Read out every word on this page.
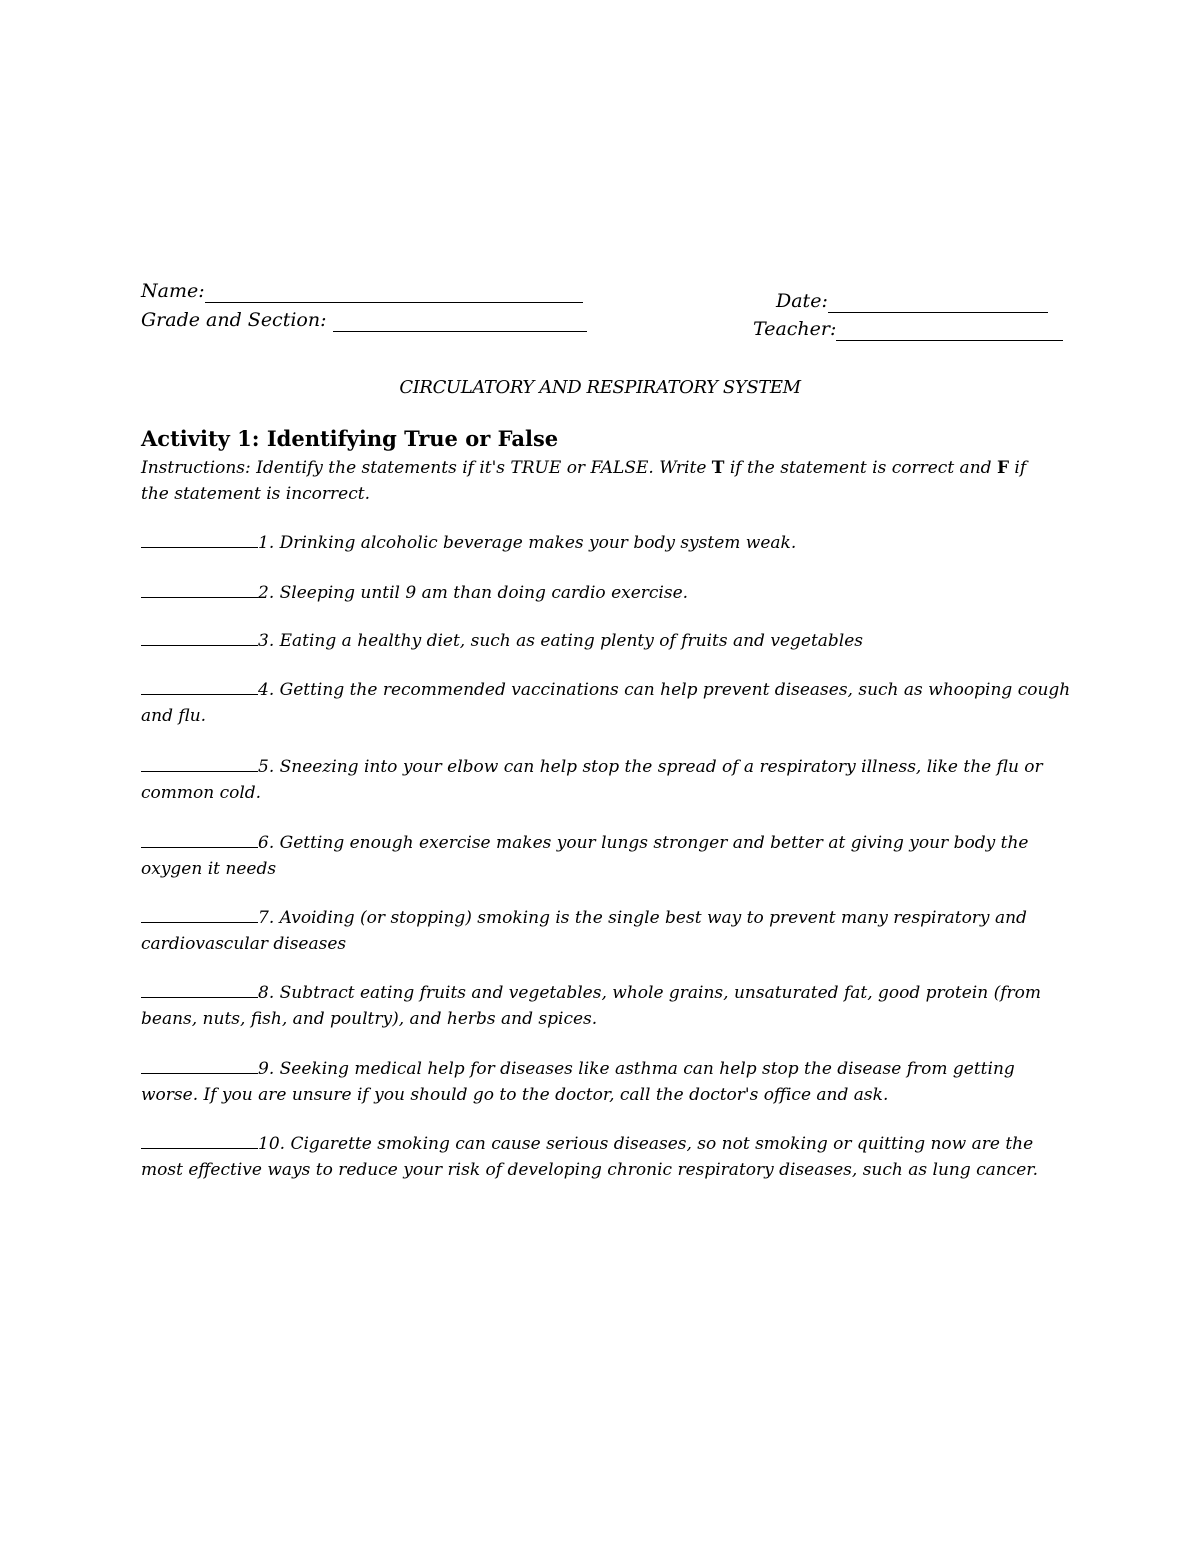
Name:
Grade and Section:
Date:
Teacher:
CIRCULATORY AND RESPIRATORY SYSTEM
Activity 1: Identifying True or False
Instructions: Identify the statements if it's TRUE or FALSE. Write T if the statement is correct and F if the statement is incorrect.
1. Drinking alcoholic beverage makes your body system weak.
2. Sleeping until 9 am than doing cardio exercise.
3. Eating a healthy diet, such as eating plenty of fruits and vegetables
4. Getting the recommended vaccinations can help prevent diseases, such as whooping cough and flu.
5. Sneezing into your elbow can help stop the spread of a respiratory illness, like the flu or common cold.
6. Getting enough exercise makes your lungs stronger and better at giving your body the oxygen it needs
7. Avoiding (or stopping) smoking is the single best way to prevent many respiratory and cardiovascular diseases
8. Subtract eating fruits and vegetables, whole grains, unsaturated fat, good protein (from beans, nuts, fish, and poultry), and herbs and spices.
9. Seeking medical help for diseases like asthma can help stop the disease from getting worse. If you are unsure if you should go to the doctor, call the doctor's office and ask.
10. Cigarette smoking can cause serious diseases, so not smoking or quitting now are the most effective ways to reduce your risk of developing chronic respiratory diseases, such as lung cancer.
